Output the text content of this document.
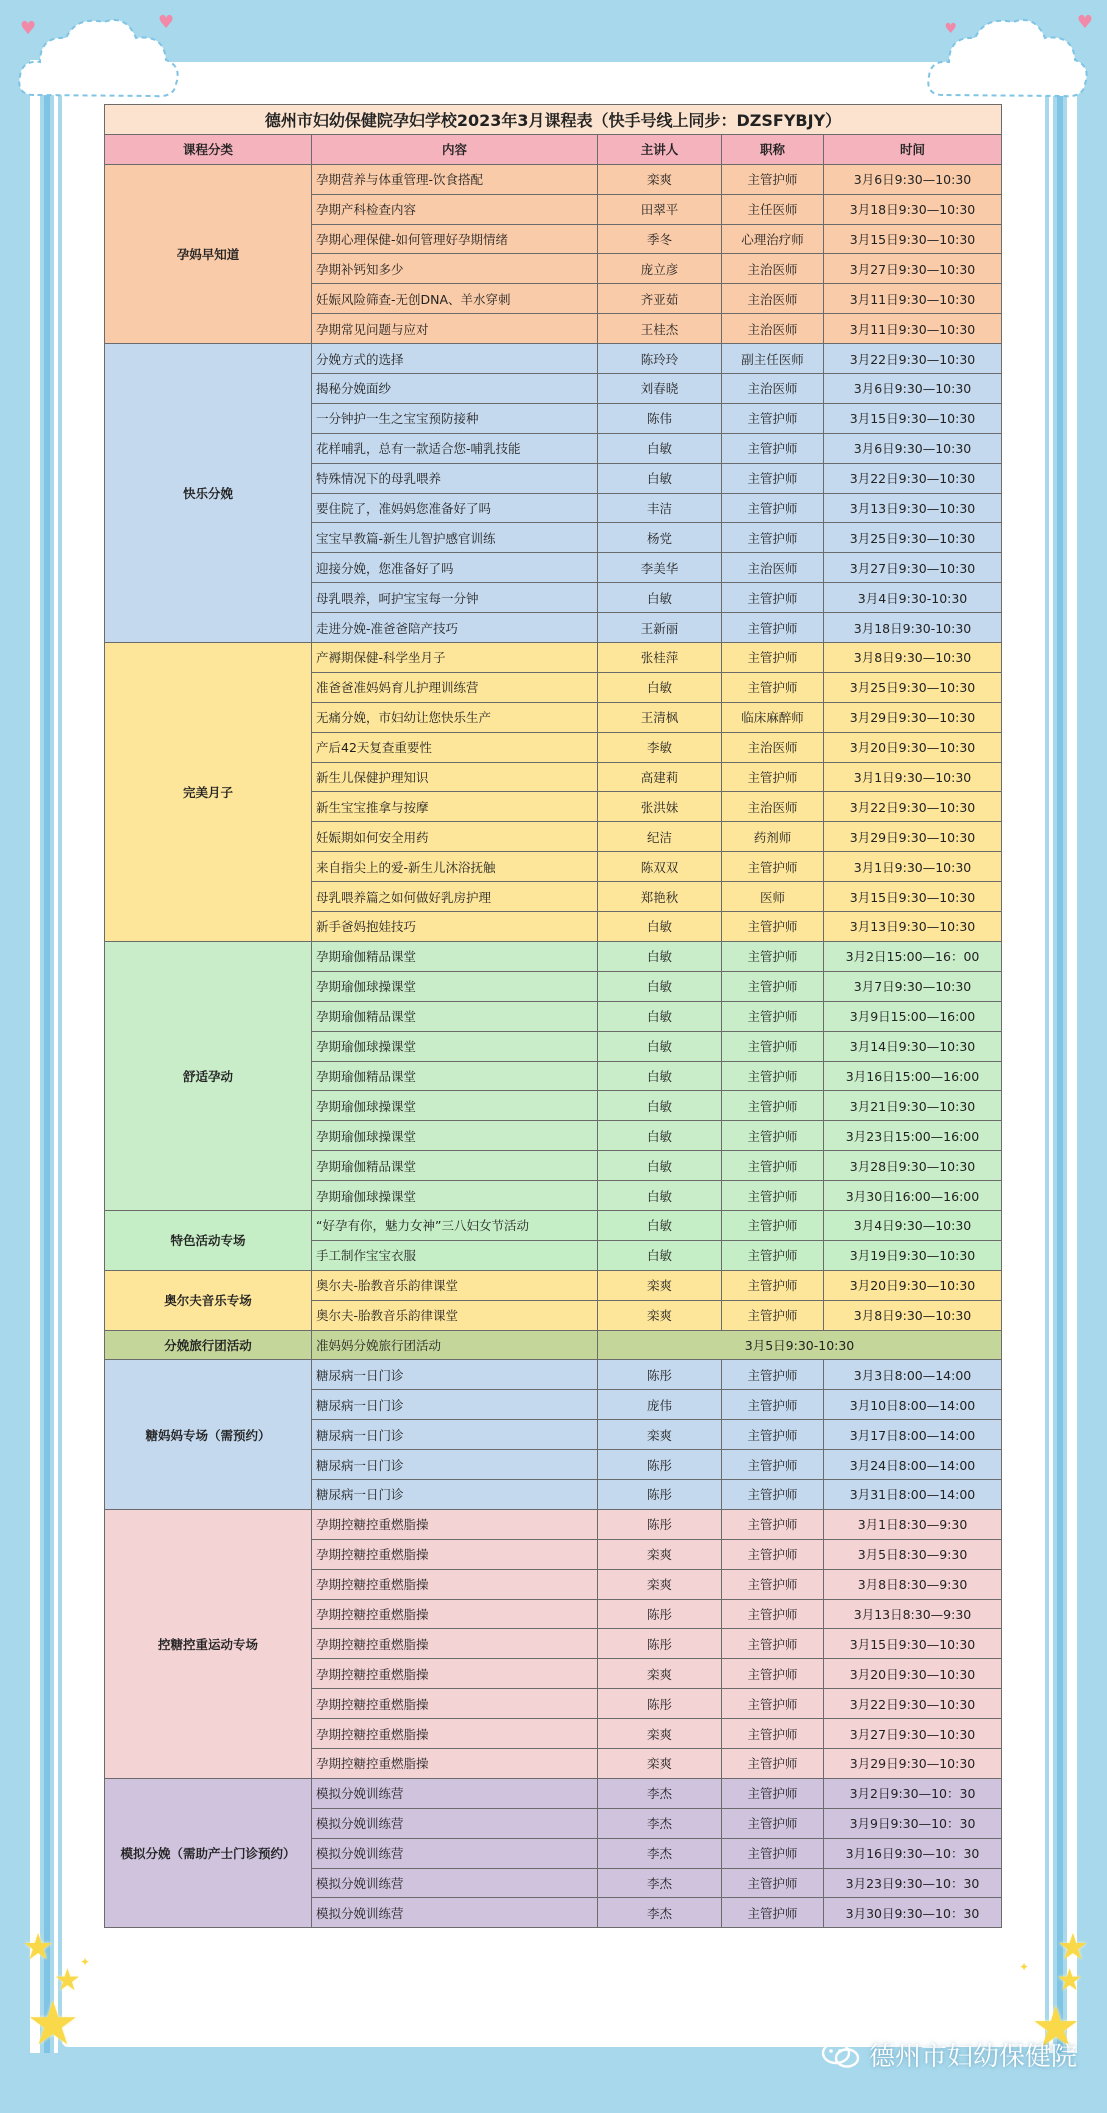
♥	♥	♥	♥
★
★
★
★
★
★
✦	✦
德州市妇幼保健院孕妇学校2023年3月课程表（快手号线上同步：DZSFYBJY）				
课程分类	内容	主讲人	职称	时间
孕妈早知道	孕期营养与体重管理-饮食搭配	栾爽	主管护师	3月6日9:30—10:30
	孕期产科检查内容	田翠平	主任医师	3月18日9:30—10:30
	孕期心理保健-如何管理好孕期情绪	季冬	心理治疗师	3月15日9:30—10:30
	孕期补钙知多少	庞立彦	主治医师	3月27日9:30—10:30
	妊娠风险筛查-无创DNA、羊水穿刺	齐亚茹	主治医师	3月11日9:30—10:30
	孕期常见问题与应对	王桂杰	主治医师	3月11日9:30—10:30
快乐分娩	分娩方式的选择	陈玲玲	副主任医师	3月22日9:30—10:30
	揭秘分娩面纱	刘春晓	主治医师	3月6日9:30—10:30
	一分钟护一生之宝宝预防接种	陈伟	主管护师	3月15日9:30—10:30
	花样哺乳，总有一款适合您-哺乳技能	白敏	主管护师	3月6日9:30—10:30
	特殊情况下的母乳喂养	白敏	主管护师	3月22日9:30—10:30
	要住院了，准妈妈您准备好了吗	丰洁	主管护师	3月13日9:30—10:30
	宝宝早教篇-新生儿智护感官训练	杨党	主管护师	3月25日9:30—10:30
	迎接分娩，您准备好了吗	李美华	主治医师	3月27日9:30—10:30
	母乳喂养，呵护宝宝每一分钟	白敏	主管护师	3月4日9:30-10:30
	走进分娩-准爸爸陪产技巧	王新丽	主管护师	3月18日9:30-10:30
完美月子	产褥期保健-科学坐月子	张桂萍	主管护师	3月8日9:30—10:30
	准爸爸准妈妈育儿护理训练营	白敏	主管护师	3月25日9:30—10:30
	无痛分娩，市妇幼让您快乐生产	王清枫	临床麻醉师	3月29日9:30—10:30
	产后42天复查重要性	李敏	主治医师	3月20日9:30—10:30
	新生儿保健护理知识	高建莉	主管护师	3月1日9:30—10:30
	新生宝宝推拿与按摩	张洪妹	主治医师	3月22日9:30—10:30
	妊娠期如何安全用药	纪洁	药剂师	3月29日9:30—10:30
	来自指尖上的爱-新生儿沐浴抚触	陈双双	主管护师	3月1日9:30—10:30
	母乳喂养篇之如何做好乳房护理	郑艳秋	医师	3月15日9:30—10:30
	新手爸妈抱娃技巧	白敏	主管护师	3月13日9:30—10:30
舒适孕动	孕期瑜伽精品课堂	白敏	主管护师	3月2日15:00—16：00
	孕期瑜伽球操课堂	白敏	主管护师	3月7日9:30—10:30
	孕期瑜伽精品课堂	白敏	主管护师	3月9日15:00—16:00
	孕期瑜伽球操课堂	白敏	主管护师	3月14日9:30—10:30
	孕期瑜伽精品课堂	白敏	主管护师	3月16日15:00—16:00
	孕期瑜伽球操课堂	白敏	主管护师	3月21日9:30—10:30
	孕期瑜伽球操课堂	白敏	主管护师	3月23日15:00—16:00
	孕期瑜伽精品课堂	白敏	主管护师	3月28日9:30—10:30
	孕期瑜伽球操课堂	白敏	主管护师	3月30日16:00—16:00
特色活动专场	“好孕有你，魅力女神”三八妇女节活动	白敏	主管护师	3月4日9:30—10:30
	手工制作宝宝衣服	白敏	主管护师	3月19日9:30—10:30
奥尔夫音乐专场	奥尔夫-胎教音乐韵律课堂	栾爽	主管护师	3月20日9:30—10:30
	奥尔夫-胎教音乐韵律课堂	栾爽	主管护师	3月8日9:30—10:30
分娩旅行团活动	准妈妈分娩旅行团活动	3月5日9:30-10:30		
糖妈妈专场（需预约）	糖尿病一日门诊	陈彤	主管护师	3月3日8:00—14:00
	糖尿病一日门诊	庞伟	主管护师	3月10日8:00—14:00
	糖尿病一日门诊	栾爽	主管护师	3月17日8:00—14:00
	糖尿病一日门诊	陈彤	主管护师	3月24日8:00—14:00
	糖尿病一日门诊	陈彤	主管护师	3月31日8:00—14:00
控糖控重运动专场	孕期控糖控重燃脂操	陈彤	主管护师	3月1日8:30—9:30
	孕期控糖控重燃脂操	栾爽	主管护师	3月5日8:30—9:30
	孕期控糖控重燃脂操	栾爽	主管护师	3月8日8:30—9:30
	孕期控糖控重燃脂操	陈彤	主管护师	3月13日8:30—9:30
	孕期控糖控重燃脂操	陈彤	主管护师	3月15日9:30—10:30
	孕期控糖控重燃脂操	栾爽	主管护师	3月20日9:30—10:30
	孕期控糖控重燃脂操	陈彤	主管护师	3月22日9:30—10:30
	孕期控糖控重燃脂操	栾爽	主管护师	3月27日9:30—10:30
	孕期控糖控重燃脂操	栾爽	主管护师	3月29日9:30—10:30
模拟分娩（需助产士门诊预约）	模拟分娩训练营	李杰	主管护师	3月2日9:30—10：30
	模拟分娩训练营	李杰	主管护师	3月9日9:30—10：30
	模拟分娩训练营	李杰	主管护师	3月16日9:30—10：30
	模拟分娩训练营	李杰	主管护师	3月23日9:30—10：30
	模拟分娩训练营	李杰	主管护师	3月30日9:30—10：30
德州市妇幼保健院
